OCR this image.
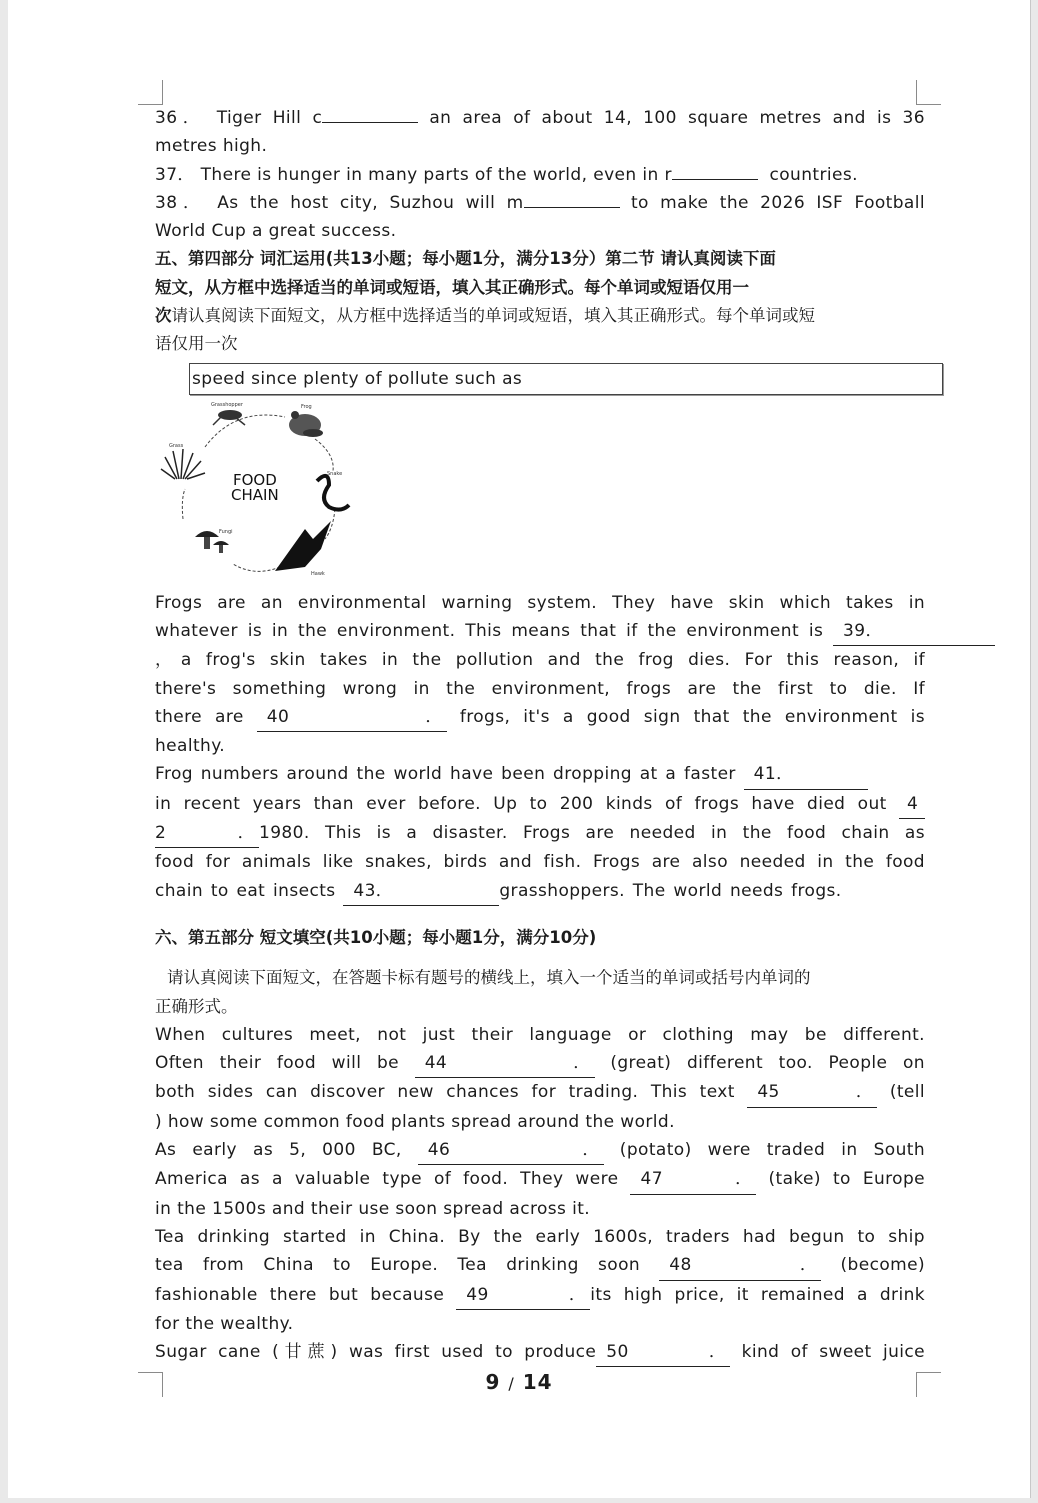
36． Tiger Hill c	an area of about 14, 100 square metres and is 36
metres high.
37． There is hunger in many parts of the world, even in r	countries.
38． As the host city, Suzhou will m	to make the 2026 ISF Football
World Cup a great success.
五、第四部分 词汇运用(共13小题；每小题1分，满分13分）第二节 请认真阅读下面
短文，从方框中选择适当的单词或短语，填入其正确形式。每个单词或短语仅用一
次请认真阅读下面短文，从方框中选择适当的单词或短语，填入其正确形式。每个单词或短
语仅用一次
speed since plenty of pollute such as
Grasshopper	Frog
Snake
Hawk
Fungi
Grass
FOOD
CHAIN
Frogs are an environmental warning system. They have skin which takes in
whatever is in the environment. This means that if the environment is 39．
，a frog's skin takes in the pollution and the frog dies. For this reason, if
there's something wrong in the environment, frogs are the first to die. If
there are 40． frogs, it's a good sign that the environment is
healthy.
Frog numbers around the world have been dropping at a faster 41．
in recent years than ever before. Up to 200 kinds of frogs have died out 4
2． 1980. This is a disaster. Frogs are needed in the food chain as
food for animals like snakes, birds and fish. Frogs are also needed in the food
chain to eat insects 43．	grasshoppers. The world needs frogs.
六、第五部分 短文填空(共10小题；每小题1分，满分10分)
请认真阅读下面短文，在答题卡标有题号的横线上，填入一个适当的单词或括号内单词的
正确形式。
When cultures meet, not just their language or clothing may be different.
Often their food will be 44． (great) different too. People on
both sides can discover new chances for trading. This text 45． (tell
) how some common food plants spread around the world.
As early as 5, 000 BC, 46． (potato) were traded in South
America as a valuable type of food. They were 47． (take) to Europe
in the 1500s and their use soon spread across it.
Tea drinking started in China. By the early 1600s, traders had begun to ship
tea from China to Europe. Tea drinking soon 48． (become)
fashionable there but because 49． its high price, it remained a drink
for the wealthy.
Sugar cane (甘蔗) was first used to produce 50． kind of sweet juice
9 / 14
